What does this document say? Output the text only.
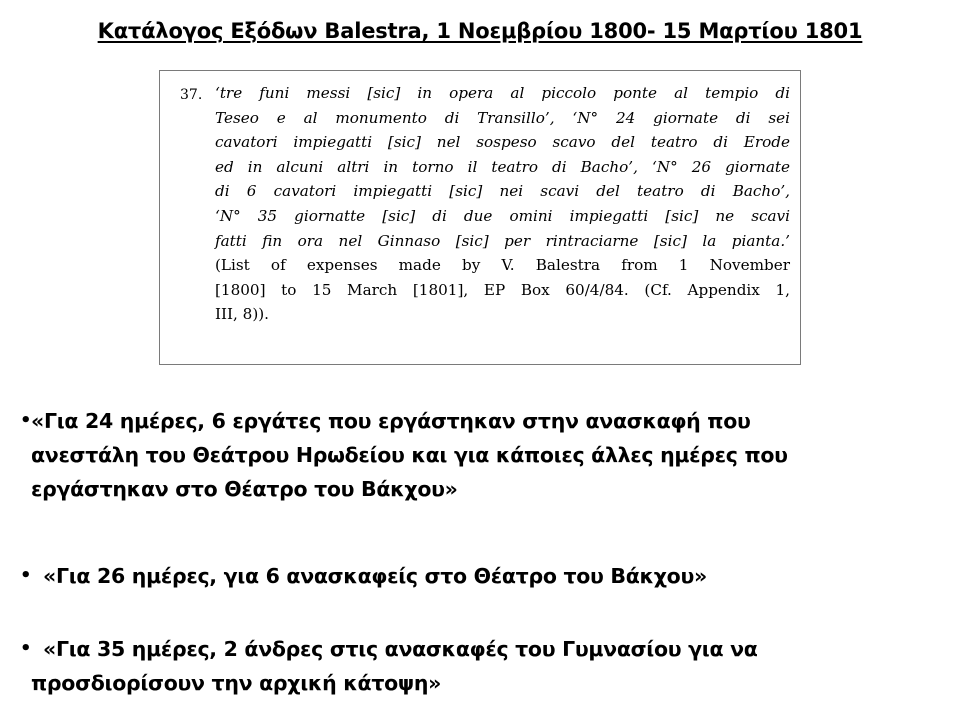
Κατάλογος Εξόδων Balestra, 1 Νοεμβρίου 1800- 15 Μαρτίου 1801
37. ‘tre funi messi [sic] in opera al piccolo ponte al tempio di
Teseo e al monumento di Transillo’, ‘N° 24 giornate di sei
cavatori impiegatti [sic] nel sospeso scavo del teatro di Erode
ed in alcuni altri in torno il teatro di Bacho’, ‘N° 26 giornate
di 6 cavatori impiegatti [sic] nei scavi del teatro di Bacho’,
‘N° 35 giornatte [sic] di due omini impiegatti [sic] ne scavi
fatti fin ora nel Ginnaso [sic] per rintraciarne [sic] la pianta.’
(List of expenses made by V. Balestra from 1 November
[1800] to 15 March [1801], EP Box 60/4/84. (Cf. Appendix 1,
III, 8)).
• «Για 24 ημέρες, 6 εργάτες που εργάστηκαν στην ανασκαφή που
ανεστάλη του Θεάτρου Ηρωδείου και για κάποιες άλλες ημέρες που
εργάστηκαν στο Θέατρο του Βάκχου»
• «Για 26 ημέρες, για 6 ανασκαφείς στο Θέατρο του Βάκχου»
• «Για 35 ημέρες, 2 άνδρες στις ανασκαφές του Γυμνασίου για να
προσδιορίσουν την αρχική κάτοψη»
